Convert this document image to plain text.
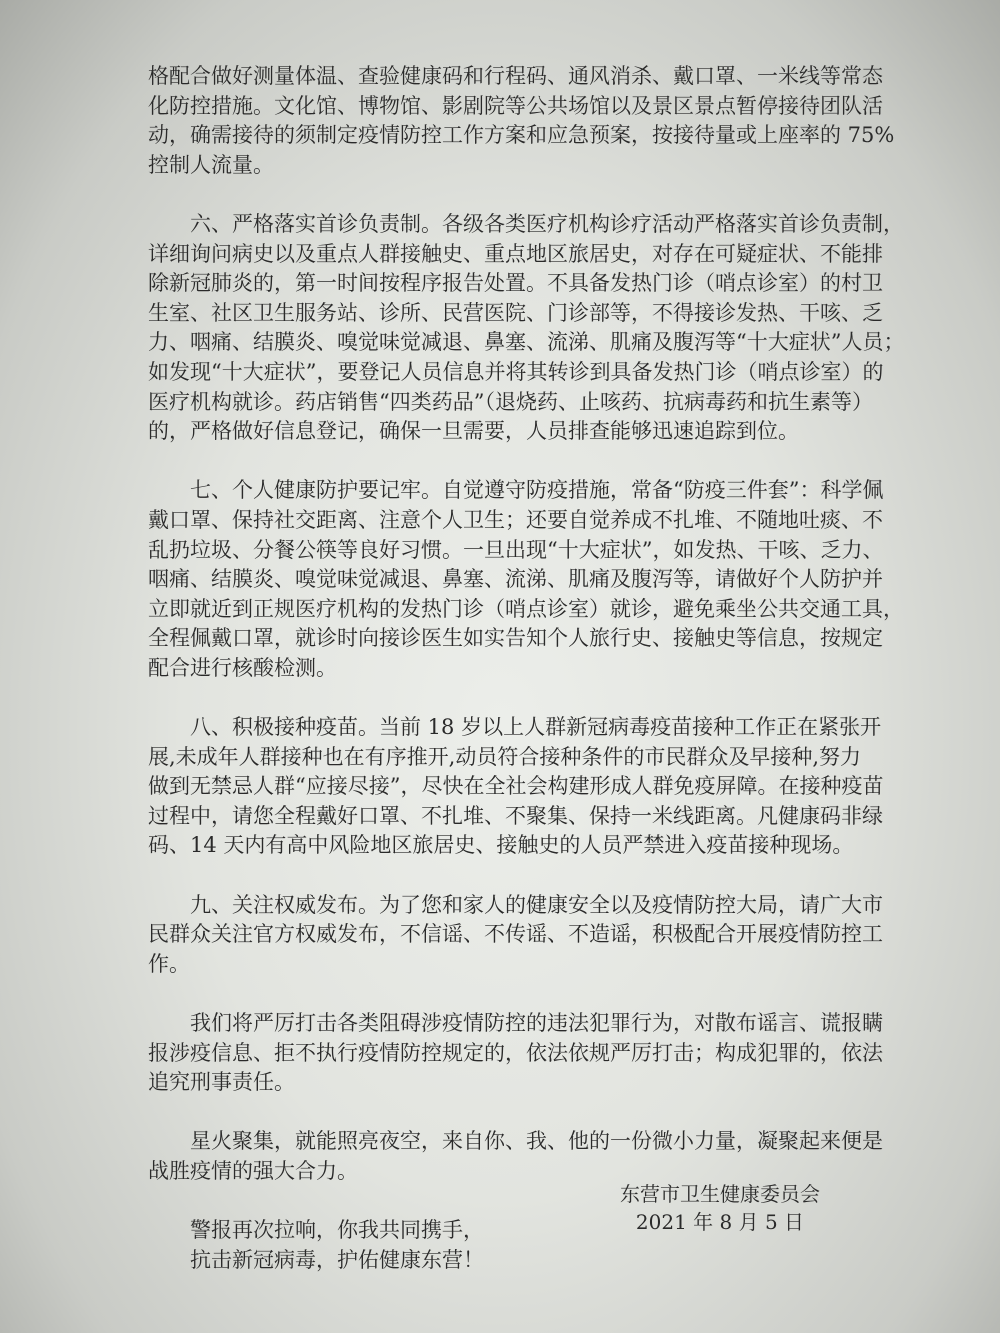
格配合做好测量体温、查验健康码和行程码、通风消杀、戴口罩、一米线等常态
化防控措施。文化馆、博物馆、影剧院等公共场馆以及景区景点暂停接待团队活
动，确需接待的须制定疫情防控工作方案和应急预案，按接待量或上座率的 75%
控制人流量。
六、严格落实首诊负责制。各级各类医疗机构诊疗活动严格落实首诊负责制，
详细询问病史以及重点人群接触史、重点地区旅居史，对存在可疑症状、不能排
除新冠肺炎的，第一时间按程序报告处置。不具备发热门诊（哨点诊室）的村卫
生室、社区卫生服务站、诊所、民营医院、门诊部等，不得接诊发热、干咳、乏
力、咽痛、结膜炎、嗅觉味觉减退、鼻塞、流涕、肌痛及腹泻等“十大症状”人员；
如发现“十大症状”，要登记人员信息并将其转诊到具备发热门诊（哨点诊室）的
医疗机构就诊。药店销售“四类药品”（退烧药、止咳药、抗病毒药和抗生素等）
的，严格做好信息登记，确保一旦需要，人员排查能够迅速追踪到位。
七、个人健康防护要记牢。自觉遵守防疫措施，常备“防疫三件套”：科学佩
戴口罩、保持社交距离、注意个人卫生；还要自觉养成不扎堆、不随地吐痰、不
乱扔垃圾、分餐公筷等良好习惯。一旦出现“十大症状”，如发热、干咳、乏力、
咽痛、结膜炎、嗅觉味觉减退、鼻塞、流涕、肌痛及腹泻等，请做好个人防护并
立即就近到正规医疗机构的发热门诊（哨点诊室）就诊，避免乘坐公共交通工具，
全程佩戴口罩，就诊时向接诊医生如实告知个人旅行史、接触史等信息，按规定
配合进行核酸检测。
八、积极接种疫苗。当前 18 岁以上人群新冠病毒疫苗接种工作正在紧张开
展,未成年人群接种也在有序推开,动员符合接种条件的市民群众及早接种,努力
做到无禁忌人群“应接尽接”，尽快在全社会构建形成人群免疫屏障。在接种疫苗
过程中，请您全程戴好口罩、不扎堆、不聚集、保持一米线距离。凡健康码非绿
码、14 天内有高中风险地区旅居史、接触史的人员严禁进入疫苗接种现场。
九、关注权威发布。为了您和家人的健康安全以及疫情防控大局，请广大市
民群众关注官方权威发布，不信谣、不传谣、不造谣，积极配合开展疫情防控工
作。
我们将严厉打击各类阻碍涉疫情防控的违法犯罪行为，对散布谣言、谎报瞒
报涉疫信息、拒不执行疫情防控规定的，依法依规严厉打击；构成犯罪的，依法
追究刑事责任。
星火聚集，就能照亮夜空，来自你、我、他的一份微小力量，凝聚起来便是
战胜疫情的强大合力。
警报再次拉响，你我共同携手，
抗击新冠病毒，护佑健康东营！
东营市卫生健康委员会
2021 年 8 月 5 日
